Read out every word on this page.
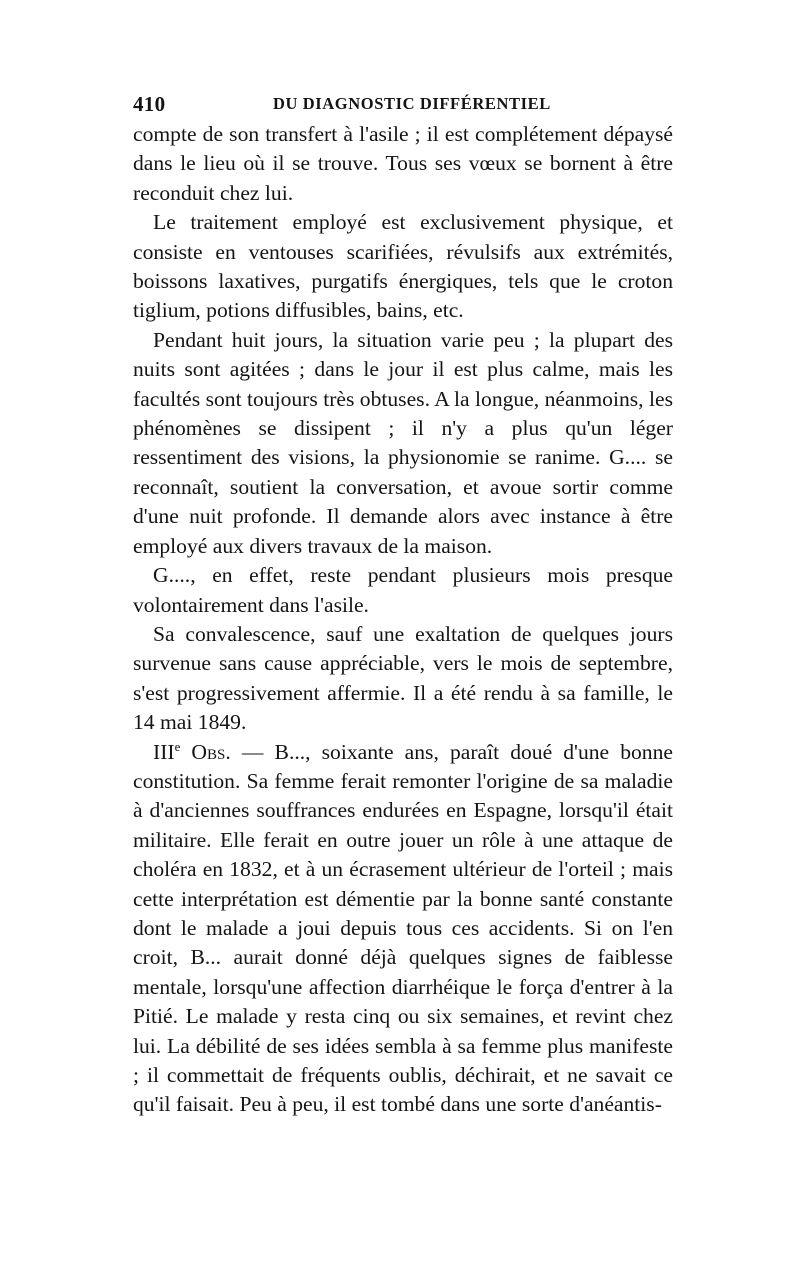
410	DU DIAGNOSTIC DIFFÉRENTIEL

compte de son transfert à l'asile ; il est complétement dépaysé dans le lieu où il se trouve. Tous ses vœux se bornent à être reconduit chez lui.

Le traitement employé est exclusivement physique, et consiste en ventouses scarifiées, révulsifs aux extrémités, boissons laxatives, purgatifs énergiques, tels que le croton tiglium, potions diffusibles, bains, etc.

Pendant huit jours, la situation varie peu ; la plupart des nuits sont agitées ; dans le jour il est plus calme, mais les facultés sont toujours très obtuses. A la longue, néanmoins, les phénomènes se dissipent ; il n'y a plus qu'un léger ressentiment des visions, la physionomie se ranime. G.... se reconnaît, soutient la conversation, et avoue sortir comme d'une nuit profonde. Il demande alors avec instance à être employé aux divers travaux de la maison.

G...., en effet, reste pendant plusieurs mois presque volontairement dans l'asile.

Sa convalescence, sauf une exaltation de quelques jours survenue sans cause appréciable, vers le mois de septembre, s'est progressivement affermie. Il a été rendu à sa famille, le 14 mai 1849.

IIIe Obs. — B..., soixante ans, paraît doué d'une bonne constitution. Sa femme ferait remonter l'origine de sa maladie à d'anciennes souffrances endurées en Espagne, lorsqu'il était militaire. Elle ferait en outre jouer un rôle à une attaque de choléra en 1832, et à un écrasement ultérieur de l'orteil ; mais cette interprétation est démentie par la bonne santé constante dont le malade a joui depuis tous ces accidents. Si on l'en croit, B... aurait donné déjà quelques signes de faiblesse mentale, lorsqu'une affection diarrhéique le força d'entrer à la Pitié. Le malade y resta cinq ou six semaines, et revint chez lui. La débilité de ses idées sembla à sa femme plus manifeste ; il commettait de fréquents oublis, déchirait, et ne savait ce qu'il faisait. Peu à peu, il est tombé dans une sorte d'anéantis-
